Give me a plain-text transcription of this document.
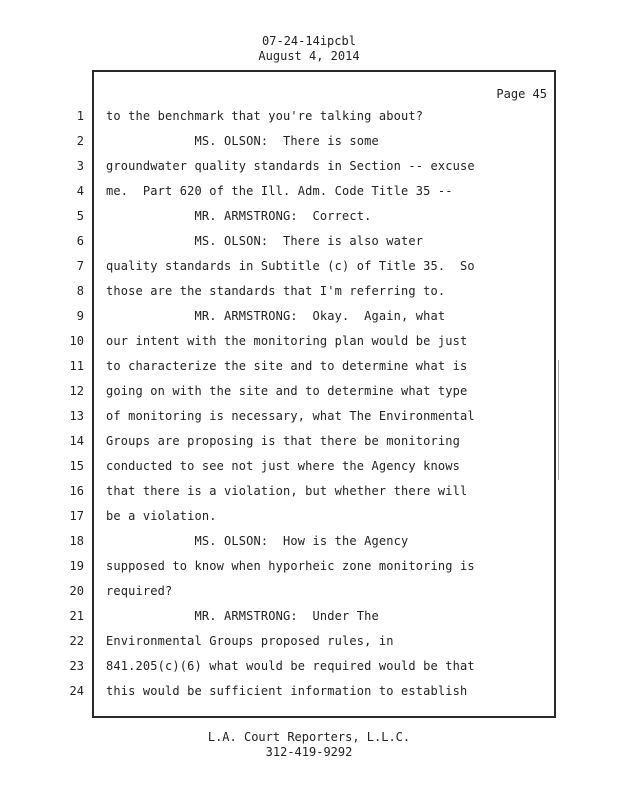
07-24-14ipcbl
August 4, 2014
Page 45
1 to the benchmark that you're talking about?
2 MS. OLSON:  There is some
3 groundwater quality standards in Section -- excuse
4 me.  Part 620 of the Ill. Adm. Code Title 35 --
5 MR. ARMSTRONG:  Correct.
6 MS. OLSON:  There is also water
7 quality standards in Subtitle (c) of Title 35.  So
8 those are the standards that I'm referring to.
9 MR. ARMSTRONG:  Okay.  Again, what
10 our intent with the monitoring plan would be just
11 to characterize the site and to determine what is
12 going on with the site and to determine what type
13 of monitoring is necessary, what The Environmental
14 Groups are proposing is that there be monitoring
15 conducted to see not just where the Agency knows
16 that there is a violation, but whether there will
17 be a violation.
18 MS. OLSON:  How is the Agency
19 supposed to know when hyporheic zone monitoring is
20 required?
21 MR. ARMSTRONG:  Under The
22 Environmental Groups proposed rules, in
23 841.205(c)(6) what would be required would be that
24 this would be sufficient information to establish
L.A. Court Reporters, L.L.C.
312-419-9292
